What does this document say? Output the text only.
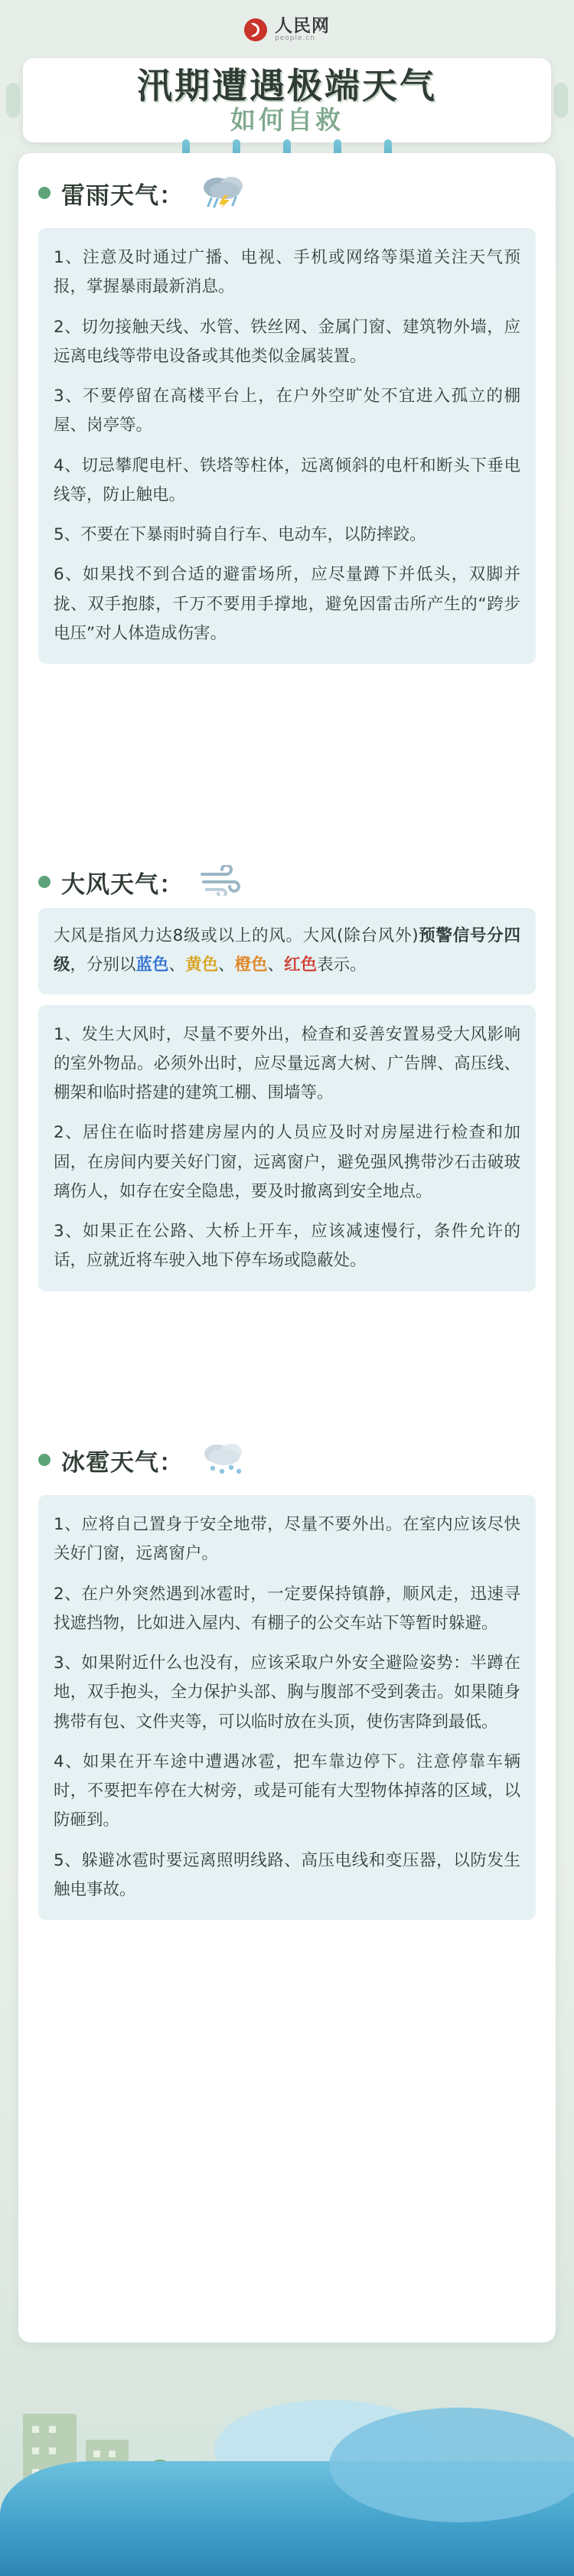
人民网
people.cn
汛期遭遇极端天气
如何自救
雷雨天气：
1、注意及时通过广播、电视、手机或网络等渠道关注天气预报，掌握暴雨最新消息。
2、切勿接触天线、水管、铁丝网、金属门窗、建筑物外墙，应远离电线等带电设备或其他类似金属装置。
3、不要停留在高楼平台上，在户外空旷处不宜进入孤立的棚屋、岗亭等。
4、切忌攀爬电杆、铁塔等柱体，远离倾斜的电杆和断头下垂电线等，防止触电。
5、不要在下暴雨时骑自行车、电动车，以防摔跤。
6、如果找不到合适的避雷场所，应尽量蹲下并低头，双脚并拢、双手抱膝，千万不要用手撑地，避免因雷击所产生的“跨步电压”对人体造成伤害。
大风天气：
大风是指风力达8级或以上的风。大风(除台风外)预警信号分四级，分别以蓝色、黄色、橙色、红色表示。
1、发生大风时，尽量不要外出，检查和妥善安置易受大风影响的室外物品。必须外出时，应尽量远离大树、广告牌、高压线、棚架和临时搭建的建筑工棚、围墙等。
2、居住在临时搭建房屋内的人员应及时对房屋进行检查和加固，在房间内要关好门窗，远离窗户，避免强风携带沙石击破玻璃伤人，如存在安全隐患，要及时撤离到安全地点。
3、如果正在公路、大桥上开车，应该减速慢行，条件允许的话，应就近将车驶入地下停车场或隐蔽处。
冰雹天气：
1、应将自己置身于安全地带，尽量不要外出。在室内应该尽快关好门窗，远离窗户。
2、在户外突然遇到冰雹时，一定要保持镇静，顺风走，迅速寻找遮挡物，比如进入屋内、有棚子的公交车站下等暂时躲避。
3、如果附近什么也没有，应该采取户外安全避险姿势：半蹲在地，双手抱头，全力保护头部、胸与腹部不受到袭击。如果随身携带有包、文件夹等，可以临时放在头顶，使伤害降到最低。
4、如果在开车途中遭遇冰雹，把车靠边停下。注意停靠车辆时，不要把车停在大树旁，或是可能有大型物体掉落的区域，以防砸到。
5、躲避冰雹时要远离照明线路、高压电线和变压器，以防发生触电事故。
